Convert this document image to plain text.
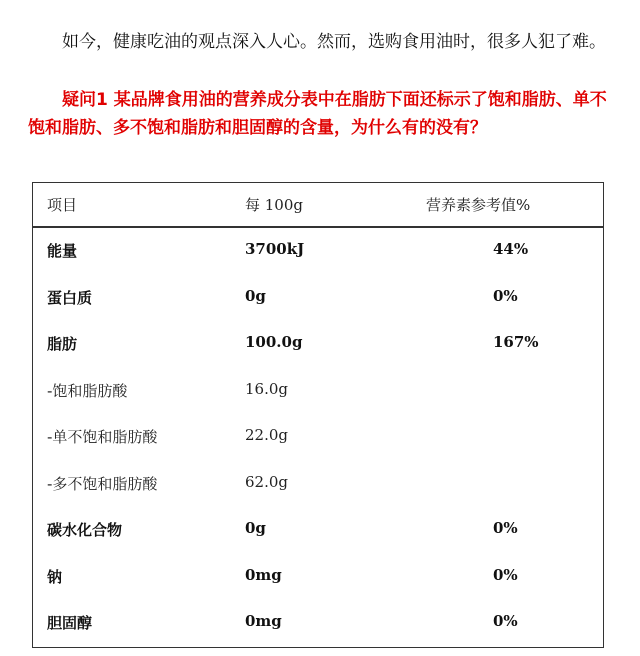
如今，健康吃油的观点深入人心。然而，选购食用油时，很多人犯了难。

疑问1 某品牌食用油的营养成分表中在脂肪下面还标示了饱和脂肪、单不饱和脂肪、多不饱和脂肪和胆固醇的含量，为什么有的没有？

项目	每 100g	营养素参考值%
能量	3700kJ	44%
蛋白质	0g	0%
脂肪	100.0g	167%
-饱和脂肪酸	16.0g
-单不饱和脂肪酸	22.0g
-多不饱和脂肪酸	62.0g
碳水化合物	0g	0%
钠	0mg	0%
胆固醇	0mg	0%
